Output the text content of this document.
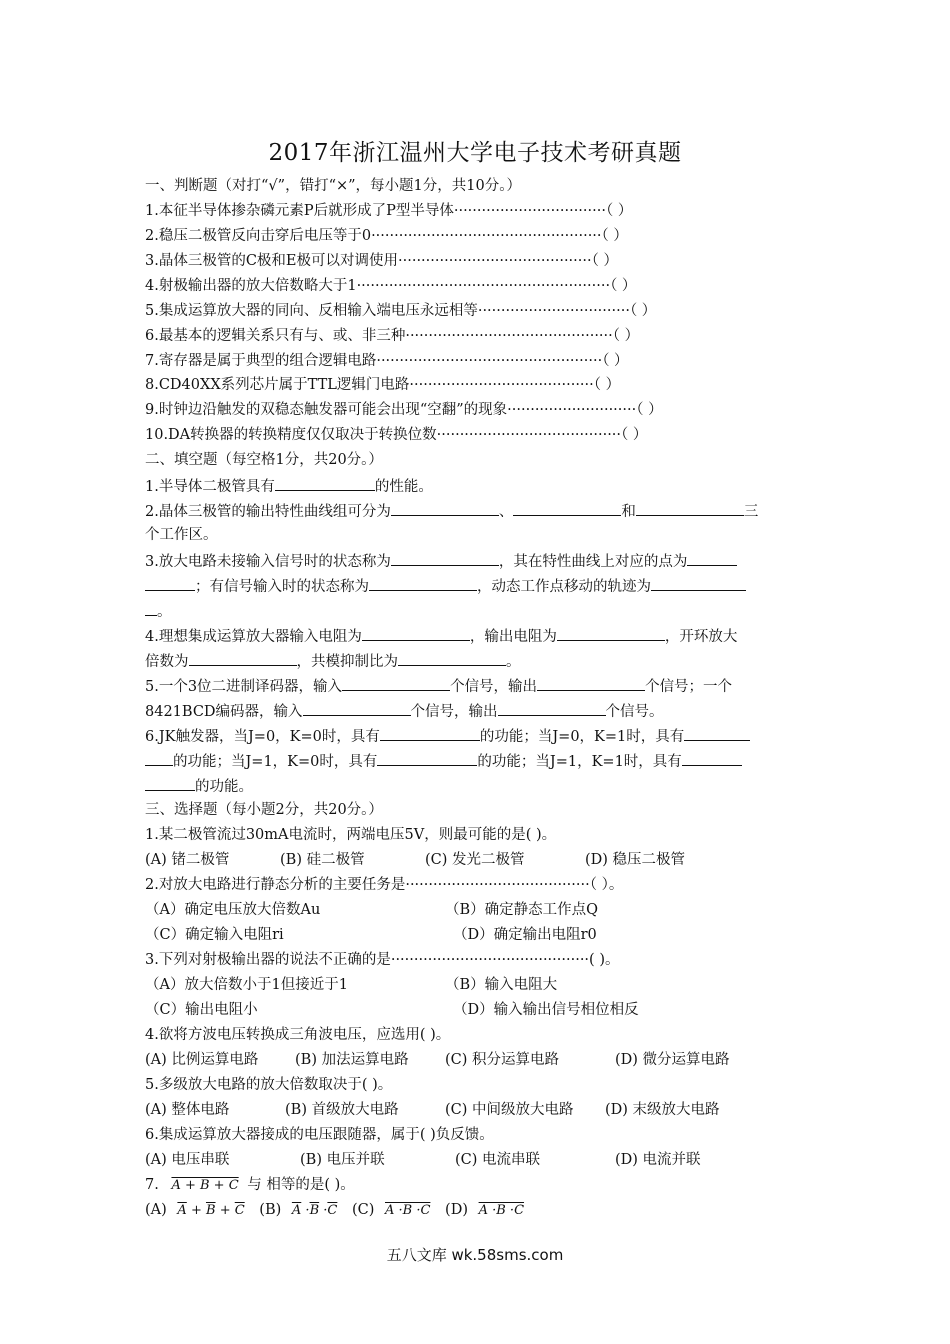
2017年浙江温州大学电子技术考研真题
一、判断题（对打“√”，错打“×”，每小题1分，共10分。）
1.本征半导体掺杂磷元素P后就形成了P型半导体·································（ ）
2.稳压二极管反向击穿后电压等于0··················································（ ）
3.晶体三极管的C极和E极可以对调使用··········································（ ）
4.射极输出器的放大倍数略大于1·······················································（ ）
5.集成运算放大器的同向、反相输入端电压永远相等·································（ ）
6.最基本的逻辑关系只有与、或、非三种·············································（ ）
7.寄存器是属于典型的组合逻辑电路·················································（ ）
8.CD40XX系列芯片属于TTL逻辑门电路········································（ ）
9.时钟边沿触发的双稳态触发器可能会出现“空翻”的现象····························（ ）
10.DA转换器的转换精度仅仅取决于转换位数········································（ ）
二、填空题（每空格1分，共20分。）
1.半导体二极管具有	的性能。
2.晶体三极管的输出特性曲线组可分为	、	和	三
个工作区。
3.放大电路未接输入信号时的状态称为	，其在特性曲线上对应的点为
；有信号输入时的状态称为	，动态工作点移动的轨迹为
。
4.理想集成运算放大器输入电阻为	，输出电阻为	，开环放大
倍数为	，共模抑制比为	。
5.一个3位二进制译码器，输入	个信号，输出	个信号；一个
8421BCD编码器，输入	个信号，输出	个信号。
6.JK触发器，当J=0，K=0时，具有	的功能；当J=0，K=1时，具有
的功能；当J=1，K=0时，具有	的功能；当J=1，K=1时，具有
的功能。
三、选择题（每小题2分，共20分。）
1.某二极管流过30mA电流时，两端电压5V，则最可能的是( )。
(A) 锗二极管	(B) 硅二极管	(C) 发光二极管	(D) 稳压二极管
2.对放大电路进行静态分析的主要任务是········································（ ）。
（A）确定电压放大倍数Au	（B）确定静态工作点Q
（C）确定输入电阻ri	（D）确定输出电阻r0
3.下列对射极输出器的说法不正确的是···········································( )。
（A）放大倍数小于1但接近于1	（B）输入电阻大
（C）输出电阻小	（D）输入输出信号相位相反
4.欲将方波电压转换成三角波电压，应选用( )。
(A) 比例运算电路	(B) 加法运算电路	(C) 积分运算电路	(D) 微分运算电路
5.多级放大电路的放大倍数取决于( )。
(A) 整体电路	(B) 首级放大电路	(C) 中间级放大电路 (D) 末级放大电路
6.集成运算放大器接成的电压跟随器，属于( )负反馈。
(A) 电压串联	(B) 电压并联	(C) 电流串联	(D) 电流并联
7. A + B + C 与 相等的是( )。
(A) $\overline{A} + \overline{B} + \overline{C}$ (B) $\overline{A} \cdot\overline{B} \cdot\overline{C}$ (C) A ·B ·C (D) A ·B ·C
五八文库 wk.58sms.com
